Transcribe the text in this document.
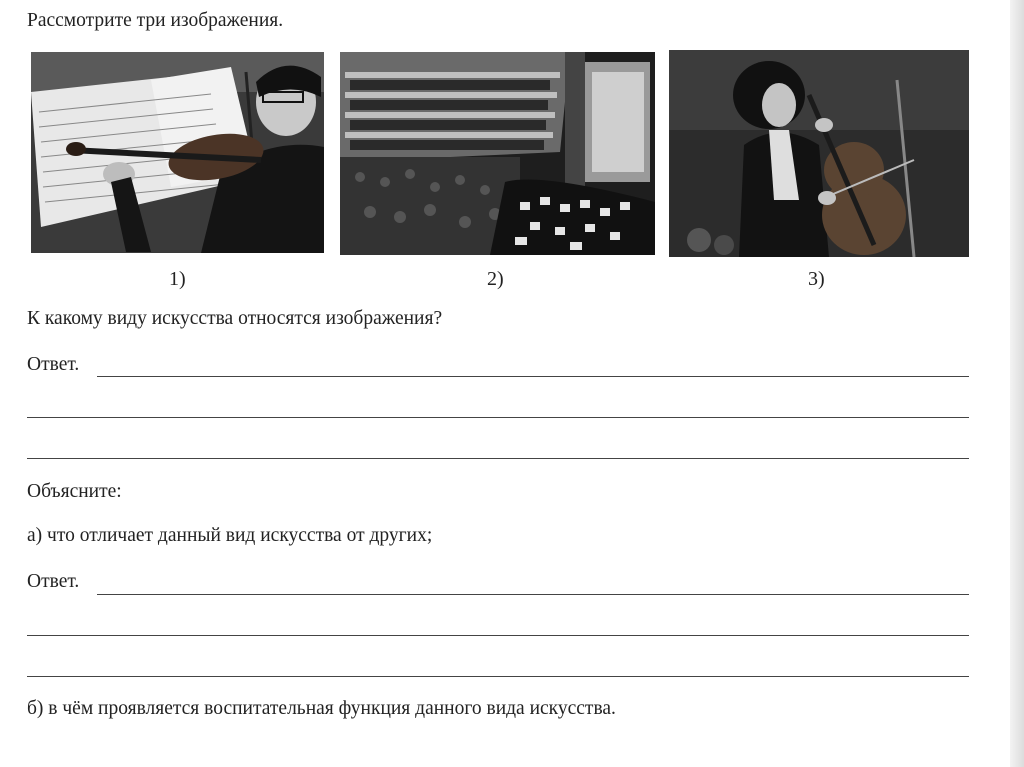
Рассмотрите три изображения.
1)	2)	3)
К какому виду искусства относятся изображения?
Ответ.
Объясните:
а) что отличает данный вид искусства от других;
Ответ.
б) в чём проявляется воспитательная функция данного вида искусства.
